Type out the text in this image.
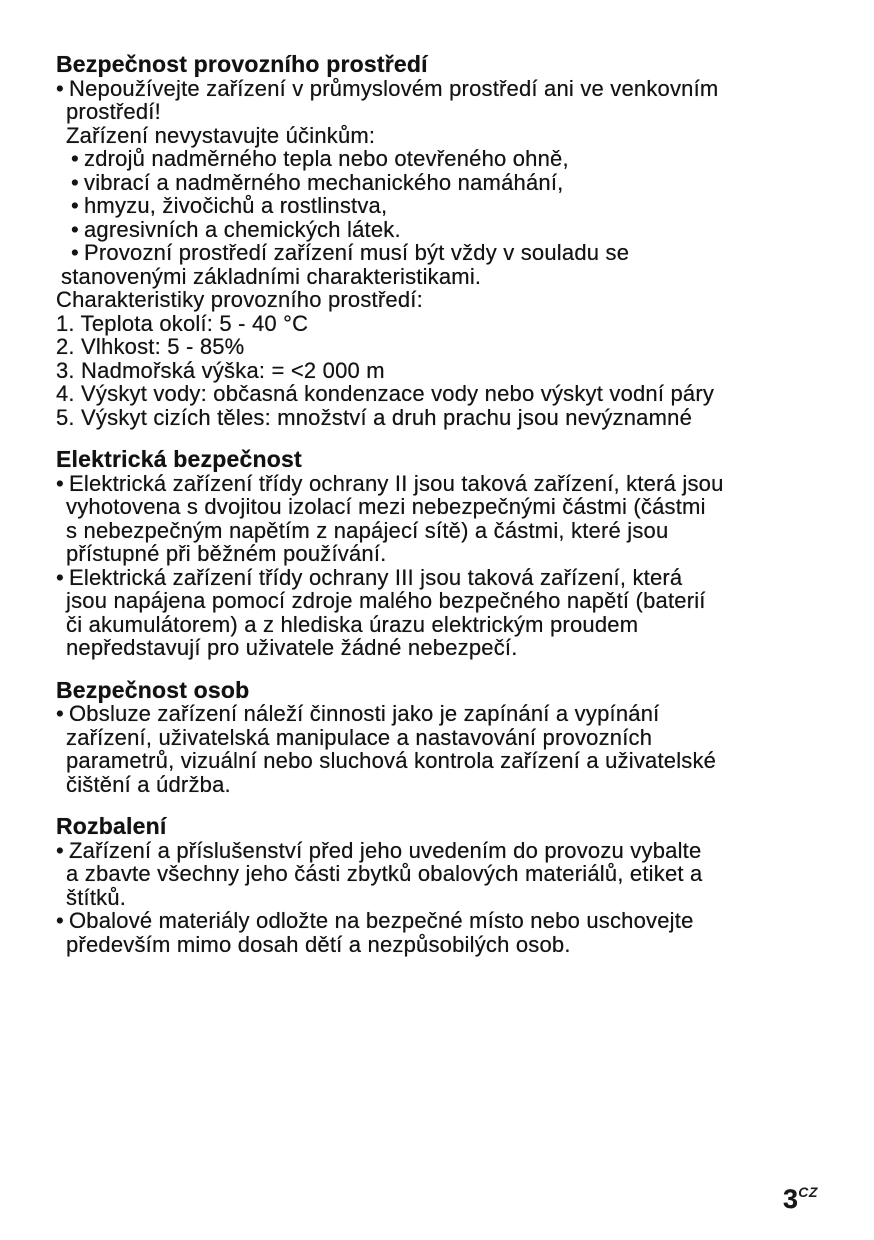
Bezpečnost provozního prostředí
• Nepoužívejte zařízení v průmyslovém prostředí ani ve venkovním
prostředí!
Zařízení nevystavujte účinkům:
• zdrojů nadměrného tepla nebo otevřeného ohně,
• vibrací a nadměrného mechanického namáhání,
• hmyzu, živočichů a rostlinstva,
• agresivních a chemických látek.
• Provozní prostředí zařízení musí být vždy v souladu se
stanovenými základními charakteristikami.
Charakteristiky provozního prostředí:
1. Teplota okolí: 5 - 40 °C
2. Vlhkost: 5 - 85%
3. Nadmořská výška: = <2 000 m
4. Výskyt vody: občasná kondenzace vody nebo výskyt vodní páry
5. Výskyt cizích těles: množství a druh prachu jsou nevýznamné
Elektrická bezpečnost
• Elektrická zařízení třídy ochrany II jsou taková zařízení, která jsou
vyhotovena s dvojitou izolací mezi nebezpečnými částmi (částmi
s nebezpečným napětím z napájecí sítě) a částmi, které jsou
přístupné při běžném používání.
• Elektrická zařízení třídy ochrany III jsou taková zařízení, která
jsou napájena pomocí zdroje malého bezpečného napětí (baterií
či akumulátorem) a z hlediska úrazu elektrickým proudem
nepředstavují pro uživatele žádné nebezpečí.
Bezpečnost osob
• Obsluze zařízení náleží činnosti jako je zapínání a vypínání
zařízení, uživatelská manipulace a nastavování provozních
parametrů, vizuální nebo sluchová kontrola zařízení a uživatelské
čištění a údržba.
Rozbalení
• Zařízení a příslušenství před jeho uvedením do provozu vybalte
a zbavte všechny jeho části zbytků obalových materiálů, etiket a
štítků.
• Obalové materiály odložte na bezpečné místo nebo uschovejte
především mimo dosah dětí a nezpůsobilých osob.
3CZ
